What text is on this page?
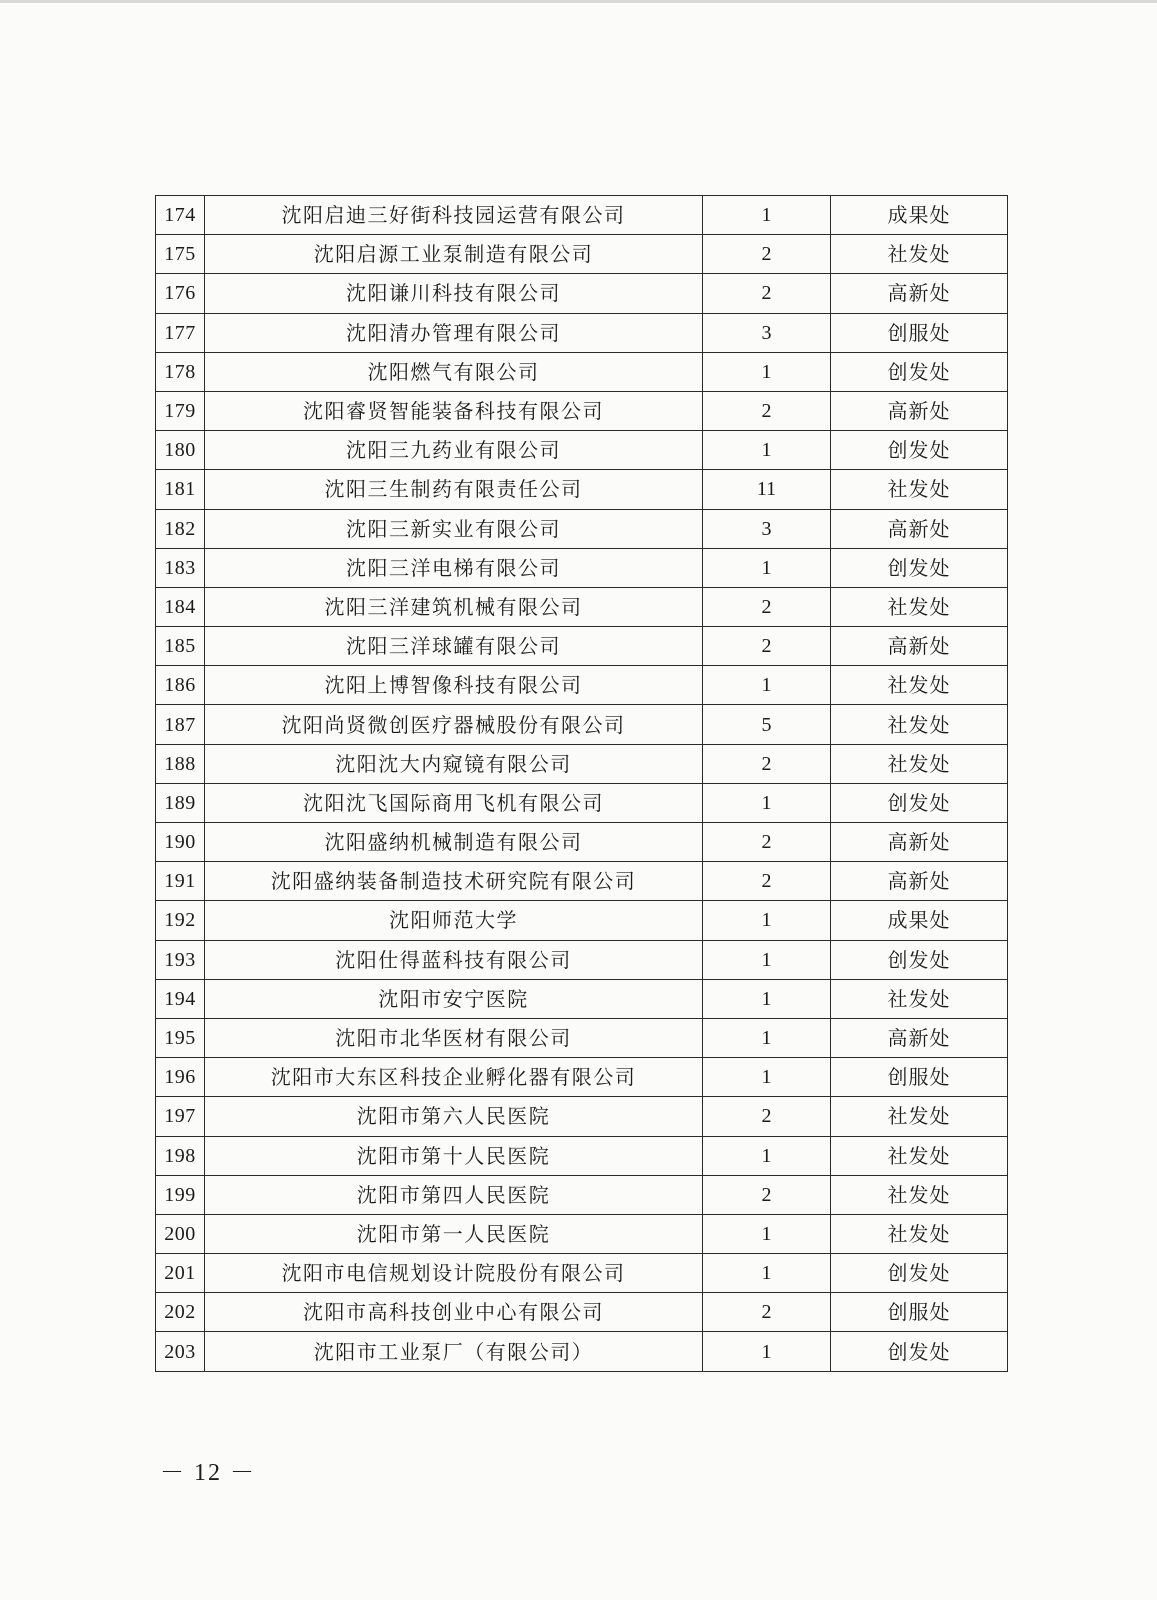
174	沈阳启迪三好街科技园运营有限公司	1	成果处
175	沈阳启源工业泵制造有限公司	2	社发处
176	沈阳谦川科技有限公司	2	高新处
177	沈阳清办管理有限公司	3	创服处
178	沈阳燃气有限公司	1	创发处
179	沈阳睿贤智能装备科技有限公司	2	高新处
180	沈阳三九药业有限公司	1	创发处
181	沈阳三生制药有限责任公司	11	社发处
182	沈阳三新实业有限公司	3	高新处
183	沈阳三洋电梯有限公司	1	创发处
184	沈阳三洋建筑机械有限公司	2	社发处
185	沈阳三洋球罐有限公司	2	高新处
186	沈阳上博智像科技有限公司	1	社发处
187	沈阳尚贤微创医疗器械股份有限公司	5	社发处
188	沈阳沈大内窥镜有限公司	2	社发处
189	沈阳沈飞国际商用飞机有限公司	1	创发处
190	沈阳盛纳机械制造有限公司	2	高新处
191	沈阳盛纳装备制造技术研究院有限公司	2	高新处
192	沈阳师范大学	1	成果处
193	沈阳仕得蓝科技有限公司	1	创发处
194	沈阳市安宁医院	1	社发处
195	沈阳市北华医材有限公司	1	高新处
196	沈阳市大东区科技企业孵化器有限公司	1	创服处
197	沈阳市第六人民医院	2	社发处
198	沈阳市第十人民医院	1	社发处
199	沈阳市第四人民医院	2	社发处
200	沈阳市第一人民医院	1	社发处
201	沈阳市电信规划设计院股份有限公司	1	创发处
202	沈阳市高科技创业中心有限公司	2	创服处
203	沈阳市工业泵厂（有限公司）	1	创发处
－ 12 －
